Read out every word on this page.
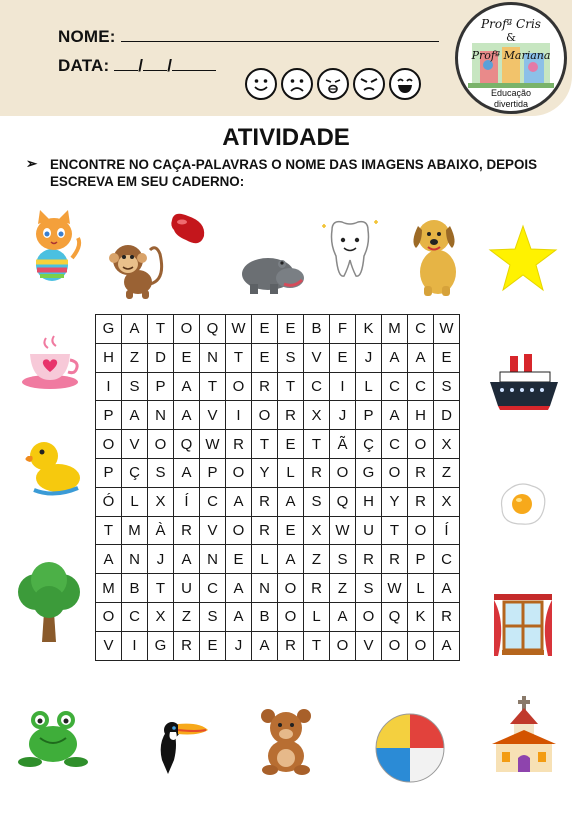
NOME:
DATA: / /
Profª Cris
&
Profª Mariana
Educação
divertida
ATIVIDADE
➢ ENCONTRE NO CAÇA-PALAVRAS O NOME DAS IMAGENS ABAIXO, DEPOIS ESCREVA EM SEU CADERNO:
G	A	T	O	Q	W	E	E	B	F	K	M	C	W
H	Z	D	E	N	T	E	S	V	E	J	A	A	E
I	S	P	A	T	O	R	T	C	I	L	C	C	S
P	A	N	A	V	I	O	R	X	J	P	A	H	D
O	V	O	Q	W	R	T	E	T	Ã	Ç	C	O	X
P	Ç	S	A	P	O	Y	L	R	O	G	O	R	Z
Ó	L	X	Í	C	A	R	A	S	Q	H	Y	R	X
T	M	À	R	V	O	R	E	X	W	U	T	O	Í
A	N	J	A	N	E	L	A	Z	S	R	R	P	C
M	B	T	U	C	A	N	O	R	Z	S	W	L	A
O	C	X	Z	S	A	B	O	L	A	O	Q	K	R
V	I	G	R	E	J	A	R	T	O	V	O	O	A
